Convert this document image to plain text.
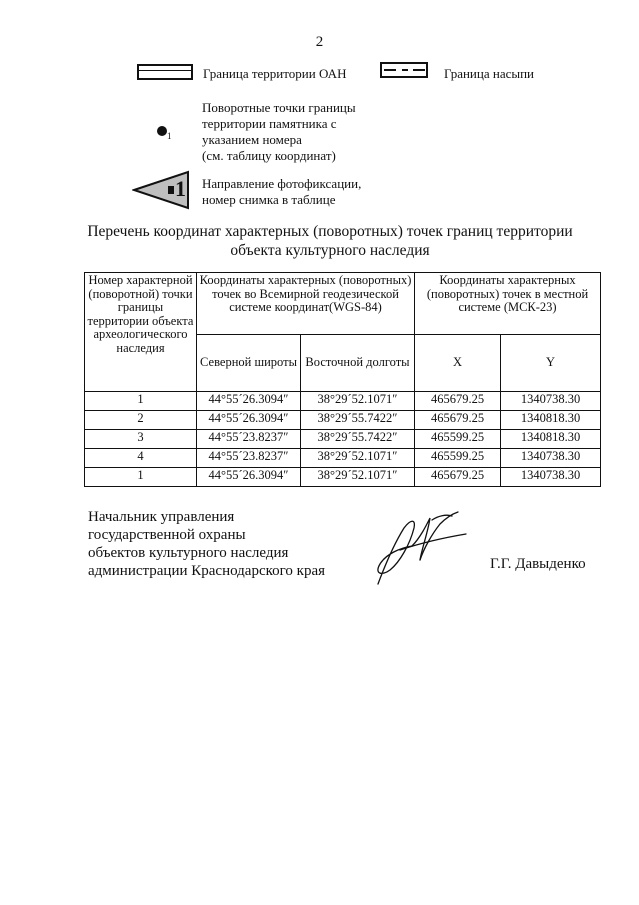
2
Граница территории ОАН	Граница насыпи
1
Поворотные точки границы
территории памятника с
указанием номера
(см. таблицу координат)
1 Направление фотофиксации,
номер снимка в таблице
Перечень координат характерных (поворотных) точек границ территории
объекта культурного наследия
Номер характерной (поворотной) точки границы территории объекта археологического наследия	Координаты характерных (поворотных) точек во Всемирной геодезической системе координат(WGS-84)		Координаты характерных (поворотных) точек в местной системе (МСК-23)	
	Северной широты	Восточной долготы	X	Y
1	44°55´26.3094″	38°29´52.1071″	465679.25	1340738.30
2	44°55´26.3094″	38°29´55.7422″	465679.25	1340818.30
3	44°55´23.8237″	38°29´55.7422″	465599.25	1340818.30
4	44°55´23.8237″	38°29´52.1071″	465599.25	1340738.30
1	44°55´26.3094″	38°29´52.1071″	465679.25	1340738.30
Начальник управления
государственной охраны
объектов культурного наследия
администрации Краснодарского края	Г.Г. Давыденко
